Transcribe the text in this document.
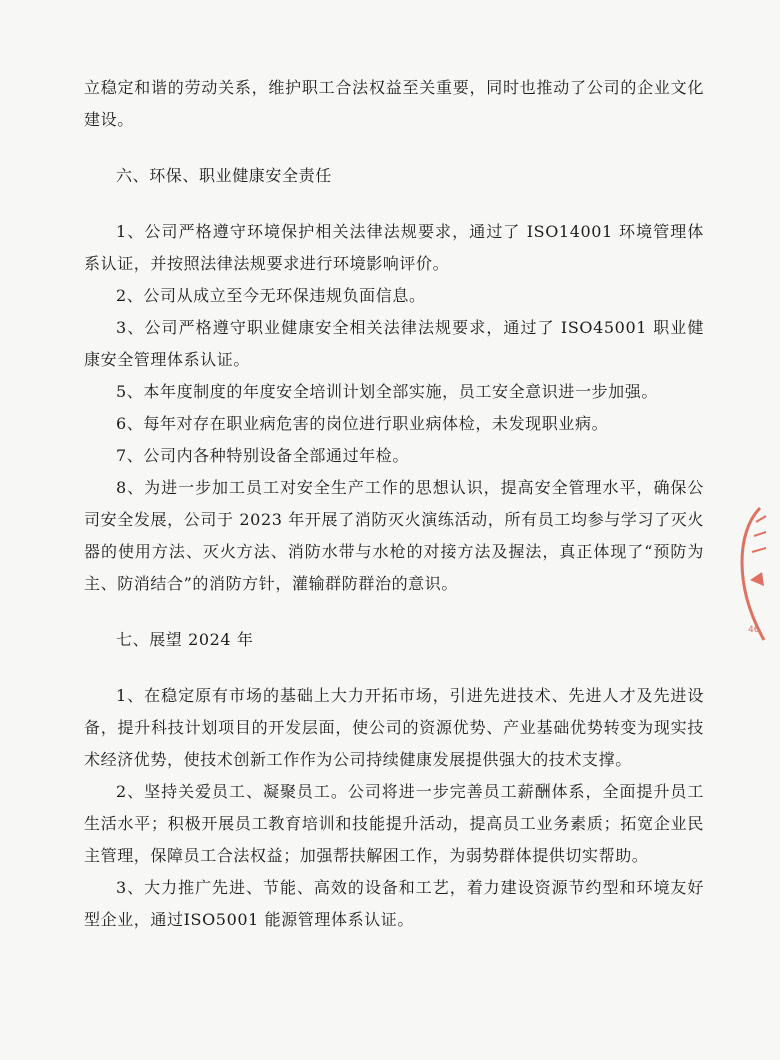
立稳定和谐的劳动关系，维护职工合法权益至关重要，同时也推动了公司的企业文化建设。

六、环保、职业健康安全责任

1、公司严格遵守环境保护相关法律法规要求，通过了 ISO14001 环境管理体系认证，并按照法律法规要求进行环境影响评价。

2、公司从成立至今无环保违规负面信息。

3、公司严格遵守职业健康安全相关法律法规要求，通过了 ISO45001 职业健康安全管理体系认证。

5、本年度制度的年度安全培训计划全部实施，员工安全意识进一步加强。

6、每年对存在职业病危害的岗位进行职业病体检，未发现职业病。

7、公司内各种特别设备全部通过年检。

8、为进一步加工员工对安全生产工作的思想认识，提高安全管理水平，确保公司安全发展，公司于 2023 年开展了消防灭火演练活动，所有员工均参与学习了灭火器的使用方法、灭火方法、消防水带与水枪的对接方法及握法，真正体现了“预防为主、防消结合”的消防方针，灌输群防群治的意识。

七、展望 2024 年

1、在稳定原有市场的基础上大力开拓市场，引进先进技术、先进人才及先进设备，提升科技计划项目的开发层面，使公司的资源优势、产业基础优势转变为现实技术经济优势，使技术创新工作作为公司持续健康发展提供强大的技术支撑。

2、坚持关爱员工、凝聚员工。公司将进一步完善员工薪酬体系，全面提升员工生活水平；积极开展员工教育培训和技能提升活动，提高员工业务素质；拓宽企业民主管理，保障员工合法权益；加强帮扶解困工作，为弱势群体提供切实帮助。

3、大力推广先进、节能、高效的设备和工艺，着力建设资源节约型和环境友好型企业，通过ISO5001 能源管理体系认证。

46
